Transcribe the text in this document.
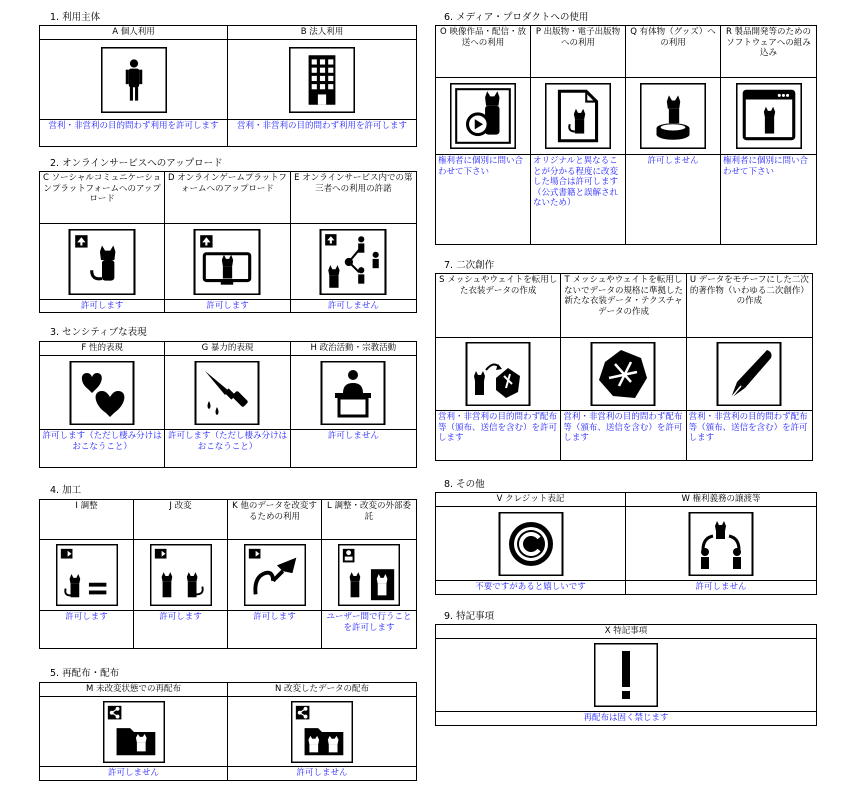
1. 利用主体
A 個人利用
営利・非営利の目的問わず利用を許可します
B 法人利用
営利・非営利の目的問わず利用を許可します
2. オンラインサービスへのアップロード
C ソーシャルコミュニケーションプラットフォームへのアップロード
許可します
D オンラインゲームプラットフォームへのアップロード
許可します
E オンラインサービス内での第三者への利用の許諾
許可しません
3. センシティブな表現
F 性的表現
許可します（ただし棲み分けはおこなうこと）
G 暴力的表現
許可します（ただし棲み分けはおこなうこと）
H 政治活動・宗教活動
許可しません
4. 加工
I 調整
許可します
J 改変
許可します
K 他のデータを改変するための利用
許可します
L 調整・改変の外部委託
ユーザー間で行うことを許可します
5. 再配布・配布
M 未改変状態での再配布
許可しません
N 改変したデータの配布
許可しません
6. メディア・プロダクトへの使用
O 映像作品・配信・放送への利用
権利者に個別に問い合わせて下さい
P 出版物・電子出版物への利用
オリジナルと異なることが分かる程度に改変した場合は許可します（公式書籍と誤解されないため）
Q 有体物（グッズ）への利用
許可しません
R 製品開発等のためのソフトウェアへの組み込み
権利者に個別に問い合わせて下さい
7. 二次創作
S メッシュやウェイトを転用した衣装データの作成
営利・非営利の目的問わず配布等（頒布、送信を含む）を許可します
T メッシュやウェイトを転用しないでデータの規格に準拠した新たな衣装データ・テクスチャデータの作成
営利・非営利の目的問わず配布等（頒布、送信を含む）を許可します
U データをモチーフにした二次的著作物（いわゆる二次創作）の作成
営利・非営利の目的問わず配布等（頒布、送信を含む）を許可します
8. その他
V クレジット表記
不要ですがあると嬉しいです
W 権利義務の譲渡等
許可しません
9. 特記事項
X 特記事項
再配布は固く禁じます
